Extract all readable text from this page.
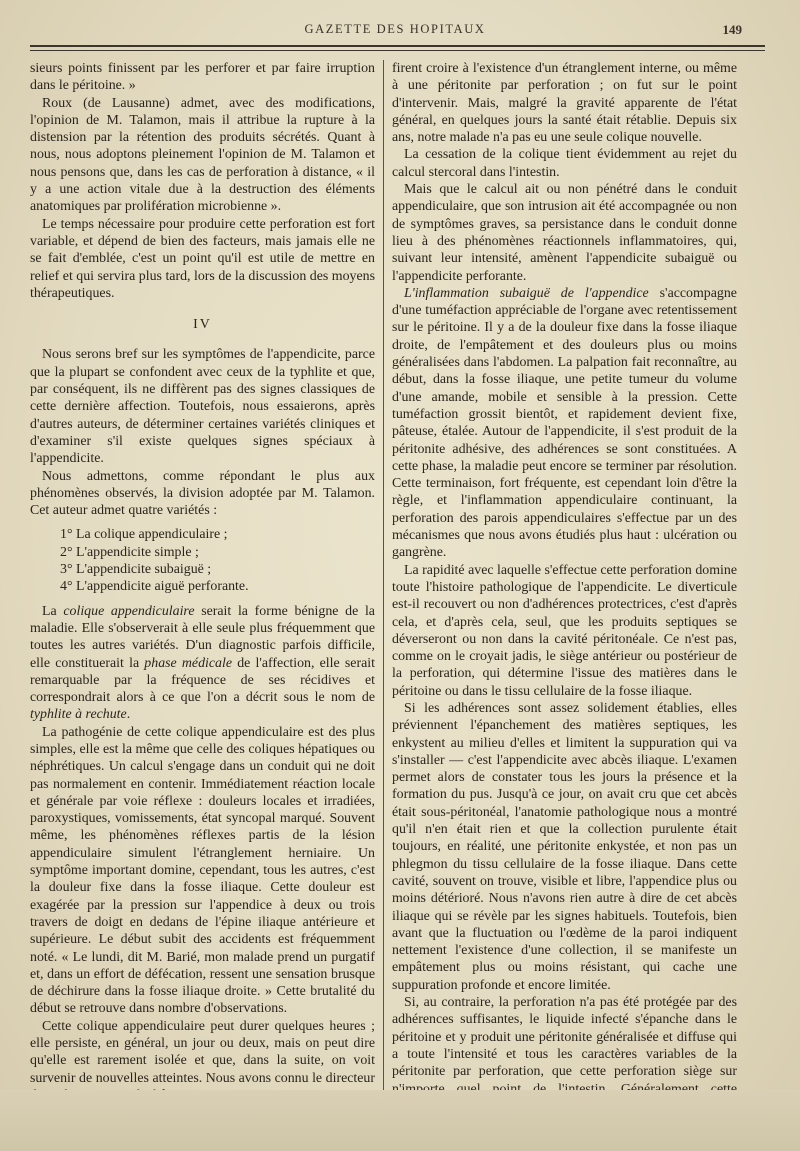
GAZETTE DES HOPITAUX	149

sieurs points finissent par les perforer et par faire irruption dans le péritoine. »

Roux (de Lausanne) admet, avec des modifications, l'opinion de M. Talamon, mais il attribue la rupture à la distension par la rétention des produits sécrétés. Quant à nous, nous adoptons pleinement l'opinion de M. Talamon et nous pensons que, dans les cas de perforation à distance, « il y a une action vitale due à la destruction des éléments anatomiques par prolifération microbienne ».

Le temps nécessaire pour produire cette perforation est fort variable, et dépend de bien des facteurs, mais jamais elle ne se fait d'emblée, c'est un point qu'il est utile de mettre en relief et qui servira plus tard, lors de la discussion des moyens thérapeutiques.

IV

Nous serons bref sur les symptômes de l'appendicite, parce que la plupart se confondent avec ceux de la typhlite et que, par conséquent, ils ne diffèrent pas des signes classiques de cette dernière affection. Toutefois, nous essaierons, après d'autres auteurs, de déterminer certaines variétés cliniques et d'examiner s'il existe quelques signes spéciaux à l'appendicite.

Nous admettons, comme répondant le plus aux phénomènes observés, la division adoptée par M. Talamon. Cet auteur admet quatre variétés :

1° La colique appendiculaire ;
2° L'appendicite simple ;
3° L'appendicite subaiguë ;
4° L'appendicite aiguë perforante.

La colique appendiculaire serait la forme bénigne de la maladie. Elle s'observerait à elle seule plus fréquemment que toutes les autres variétés. D'un diagnostic parfois difficile, elle constituerait la phase médicale de l'affection, elle serait remarquable par la fréquence de ses récidives et correspondrait alors à ce que l'on a décrit sous le nom de typhlite à rechute.

La pathogénie de cette colique appendiculaire est des plus simples, elle est la même que celle des coliques hépatiques ou néphrétiques. Un calcul s'engage dans un conduit qui ne doit pas normalement en contenir. Immédiatement réaction locale et générale par voie réflexe : douleurs locales et irradiées, paroxystiques, vomissements, état syncopal marqué. Souvent même, les phénomènes réflexes partis de la lésion appendiculaire simulent l'étranglement herniaire. Un symptôme important domine, cependant, tous les autres, c'est la douleur fixe dans la fosse iliaque. Cette douleur est exagérée par la pression sur l'appendice à deux ou trois travers de doigt en dedans de l'épine iliaque antérieure et supérieure. Le début subit des accidents est fréquemment noté. « Le lundi, dit M. Barié, mon malade prend un purgatif et, dans un effort de défécation, ressent une sensation brusque de déchirure dans la fosse iliaque droite. » Cette brutalité du début se retrouve dans nombre d'observations.

Cette colique appendiculaire peut durer quelques heures ; elle persiste, en général, un jour ou deux, mais on peut dire qu'elle est rarement isolée et que, dans la suite, on voit survenir de nouvelles atteintes. Nous avons connu le directeur

firent croire à l'existence d'un étranglement interne, ou même à une péritonite par perforation ; on fut sur le point d'intervenir. Mais, malgré la gravité apparente de l'état général, en quelques jours la santé était rétablie. Depuis six ans, notre malade n'a pas eu une seule colique nouvelle.

La cessation de la colique tient évidemment au rejet du calcul stercoral dans l'intestin.

Mais que le calcul ait ou non pénétré dans le conduit appendiculaire, que son intrusion ait été accompagnée ou non de symptômes graves, sa persistance dans le conduit donne lieu à des phénomènes réactionnels inflammatoires, qui, suivant leur intensité, amènent l'appendicite subaiguë ou l'appendicite perforante.

L'inflammation subaiguë de l'appendice s'accompagne d'une tuméfaction appréciable de l'organe avec retentissement sur le péritoine. Il y a de la douleur fixe dans la fosse iliaque droite, de l'empâtement et des douleurs plus ou moins généralisées dans l'abdomen. La palpation fait reconnaître, au début, dans la fosse iliaque, une petite tumeur du volume d'une amande, mobile et sensible à la pression. Cette tuméfaction grossit bientôt, et rapidement devient fixe, pâteuse, étalée. Autour de l'appendicite, il s'est produit de la péritonite adhésive, des adhérences se sont constituées. A cette phase, la maladie peut encore se terminer par résolution. Cette terminaison, fort fréquente, est cependant loin d'être la règle, et l'inflammation appendiculaire continuant, la perforation des parois appendiculaires s'effectue par un des mécanismes que nous avons étudiés plus haut : ulcération ou gangrène.

La rapidité avec laquelle s'effectue cette perforation domine toute l'histoire pathologique de l'appendicite. Le diverticule est-il recouvert ou non d'adhérences protectrices, c'est d'après cela, et d'après cela, seul, que les produits septiques se déverseront ou non dans la cavité péritonéale. Ce n'est pas, comme on le croyait jadis, le siège antérieur ou postérieur de la perforation, qui détermine l'issue des matières dans le péritoine ou dans le tissu cellulaire de la fosse iliaque.

Si les adhérences sont assez solidement établies, elles préviennent l'épanchement des matières septiques, les enkystent au milieu d'elles et limitent la suppuration qui va s'installer — c'est l'appendicite avec abcès iliaque. L'examen permet alors de constater tous les jours la présence et la formation du pus. Jusqu'à ce jour, on avait cru que cet abcès était sous-péritonéal, l'anatomie pathologique nous a montré qu'il n'en était rien et que la collection purulente était toujours, en réalité, une péritonite enkystée, et non pas un phlegmon du tissu cellulaire de la fosse iliaque. Dans cette cavité, souvent on trouve, visible et libre, l'appendice plus ou moins détérioré. Nous n'avons rien autre à dire de cet abcès iliaque qui se révèle par les signes habituels. Toutefois, bien avant que la fluctuation ou l'œdème de la paroi indiquent nettement l'existence d'une collection, il se manifeste un empâtement plus ou moins résistant, qui cache une suppuration profonde et encore limitée.

Si, au contraire, la perforation n'a pas été protégée par des adhérences suffisantes, le liquide infecté s'épanche dans le péritoine et y produit une péritonite généralisée et diffuse qui a toute l'intensité et tous les caractères variables de la péritonite par perforation, que cette perforation siège sur
